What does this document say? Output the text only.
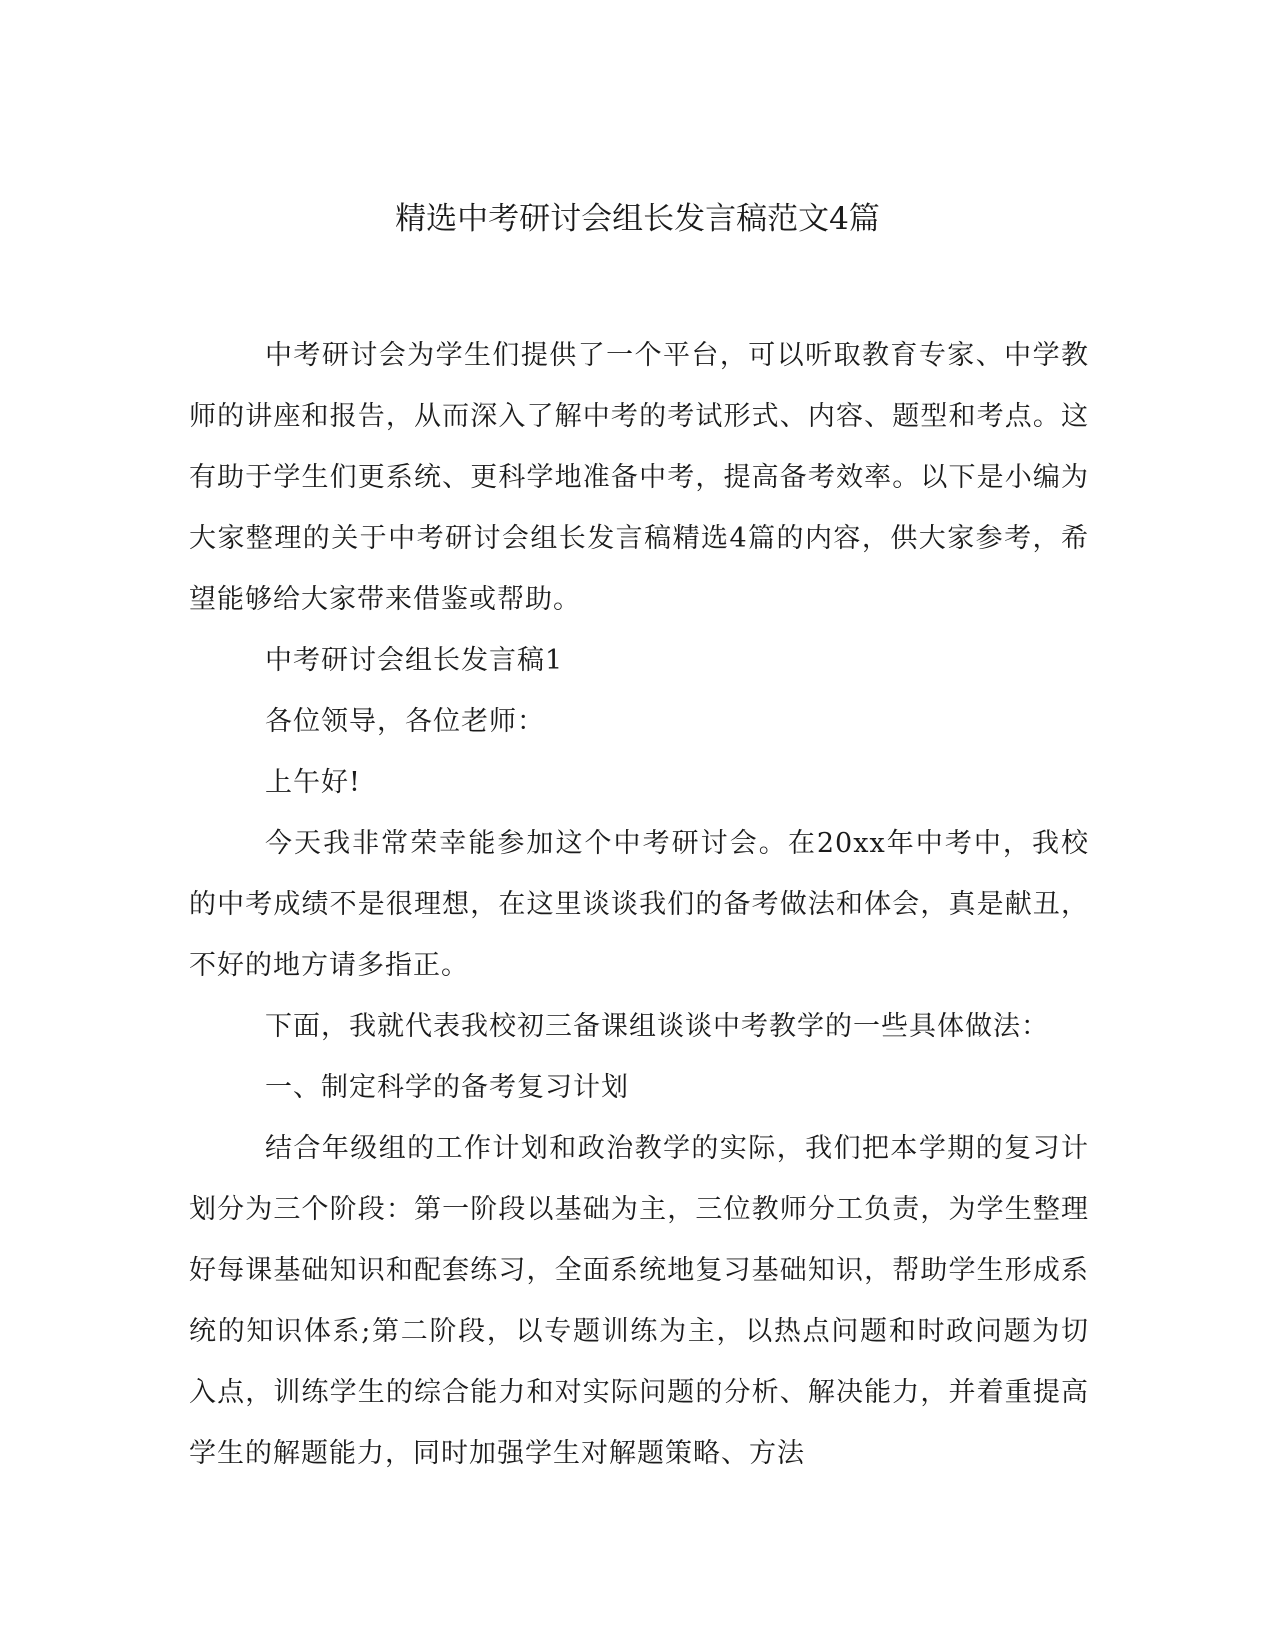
精选中考研讨会组长发言稿范文4篇

中考研讨会为学生们提供了一个平台，可以听取教育专家、中学教师的讲座和报告，从而深入了解中考的考试形式、内容、题型和考点。这有助于学生们更系统、更科学地准备中考，提高备考效率。以下是小编为大家整理的关于中考研讨会组长发言稿精选4篇的内容，供大家参考，希望能够给大家带来借鉴或帮助。

中考研讨会组长发言稿1

各位领导，各位老师：

上午好!

今天我非常荣幸能参加这个中考研讨会。在20xx年中考中，我校的中考成绩不是很理想，在这里谈谈我们的备考做法和体会，真是献丑，不好的地方请多指正。

下面，我就代表我校初三备课组谈谈中考教学的一些具体做法：

一、制定科学的备考复习计划

结合年级组的工作计划和政治教学的实际，我们把本学期的复习计划分为三个阶段：第一阶段以基础为主，三位教师分工负责，为学生整理好每课基础知识和配套练习，全面系统地复习基础知识，帮助学生形成系统的知识体系;第二阶段，以专题训练为主，以热点问题和时政问题为切入点，训练学生的综合能力和对实际问题的分析、解决能力，并着重提高学生的解题能力，同时加强学生对解题策略、方法
